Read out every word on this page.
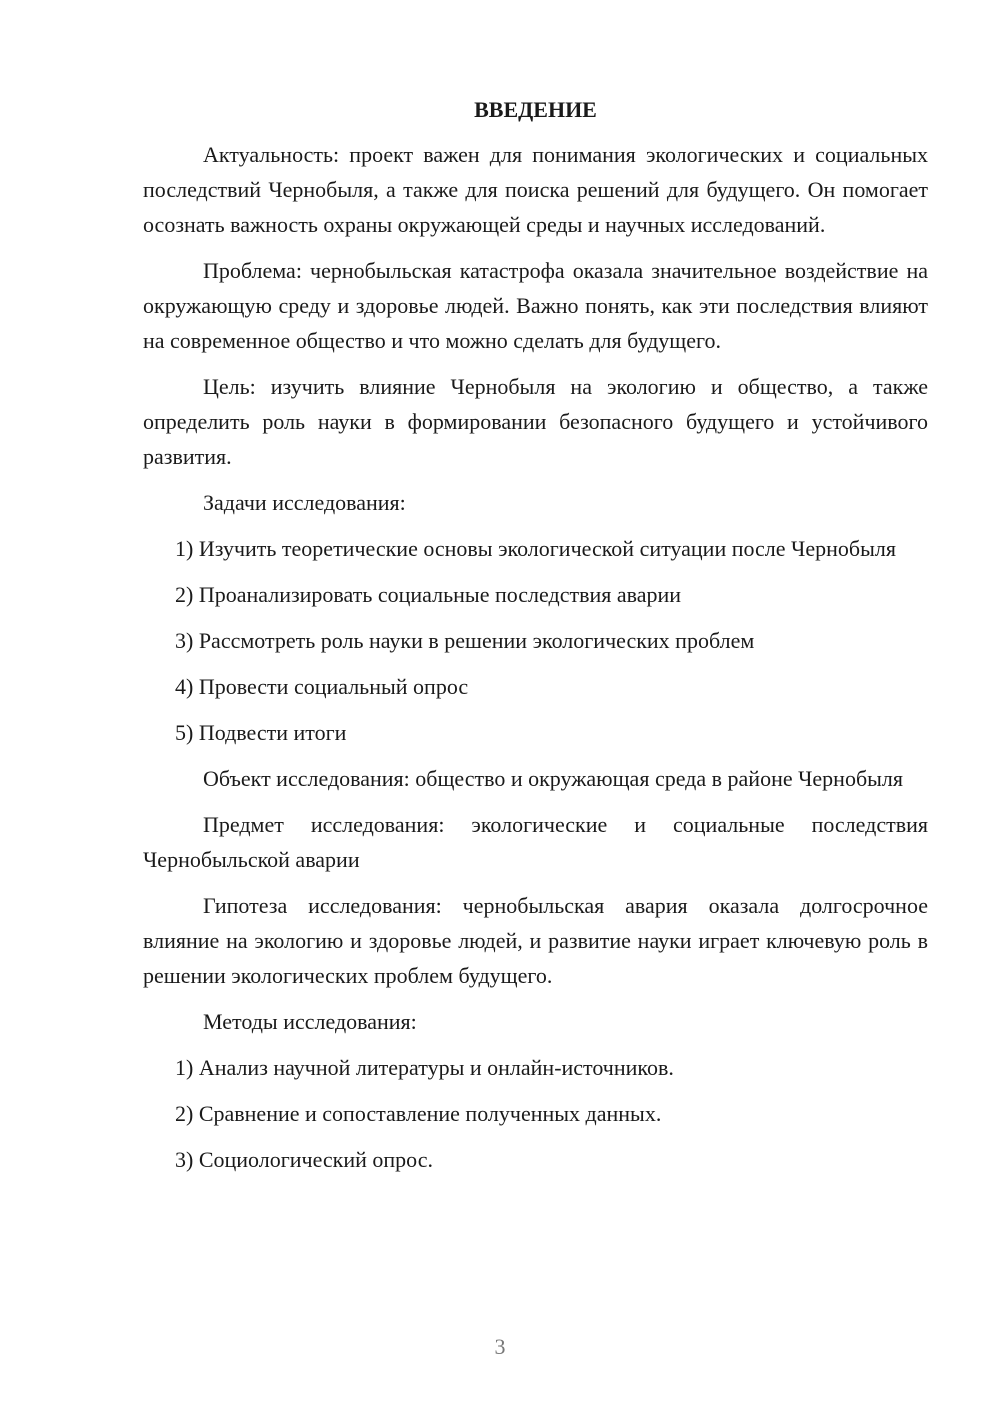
ВВЕДЕНИЕ

Актуальность: проект важен для понимания экологических и социальных последствий Чернобыля, а также для поиска решений для будущего. Он помогает осознать важность охраны окружающей среды и научных исследований.

Проблема: чернобыльская катастрофа оказала значительное воздействие на окружающую среду и здоровье людей. Важно понять, как эти последствия влияют на современное общество и что можно сделать для будущего.

Цель: изучить влияние Чернобыля на экологию и общество, а также определить роль науки в формировании безопасного будущего и устойчивого развития.

Задачи исследования:

1) Изучить теоретические основы экологической ситуации после Чернобыля

2) Проанализировать социальные последствия аварии

3) Рассмотреть роль науки в решении экологических проблем

4) Провести социальный опрос

5) Подвести итоги

Объект исследования: общество и окружающая среда в районе Чернобыля

Предмет исследования: экологические и социальные последствия Чернобыльской аварии

Гипотеза исследования: чернобыльская авария оказала долгосрочное влияние на экологию и здоровье людей, и развитие науки играет ключевую роль в решении экологических проблем будущего.

Методы исследования:

1) Анализ научной литературы и онлайн-источников.

2) Сравнение и сопоставление полученных данных.

3) Социологический опрос.

3
